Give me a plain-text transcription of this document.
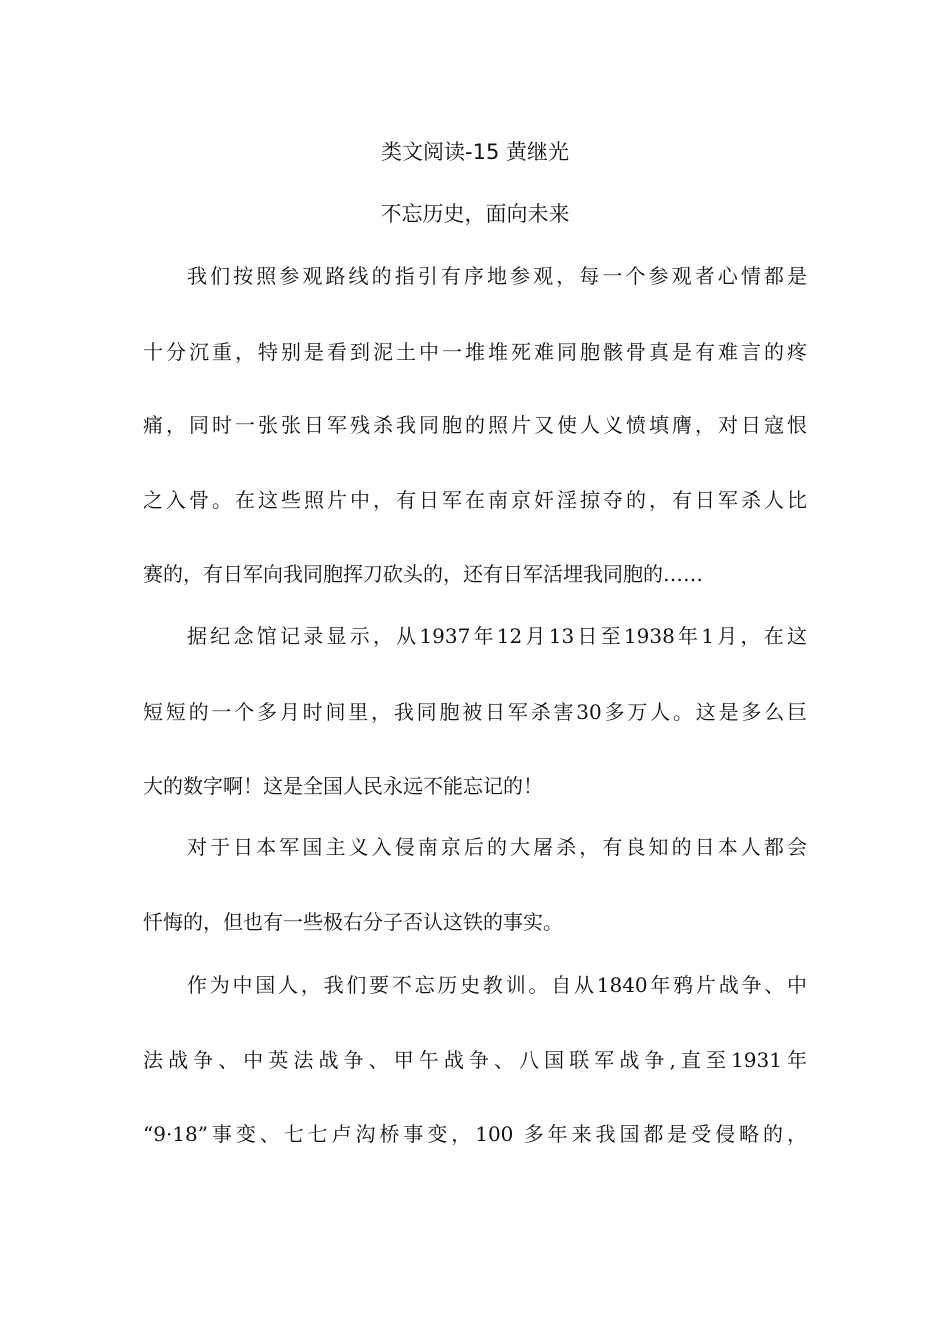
类文阅读-15 黄继光
不忘历史，面向未来
我们按照参观路线的指引有序地参观，每一个参观者心情都是
十分沉重，特别是看到泥土中一堆堆死难同胞骸骨真是有难言的疼
痛，同时一张张日军残杀我同胞的照片又使人义愤填膺，对日寇恨
之入骨。在这些照片中，有日军在南京奸淫掠夺的，有日军杀人比
赛的，有日军向我同胞挥刀砍头的，还有日军活埋我同胞的……
据纪念馆记录显示，从1937年12月13日至1938年1月，在这
短短的一个多月时间里，我同胞被日军杀害30多万人。这是多么巨
大的数字啊！这是全国人民永远不能忘记的！
对于日本军国主义入侵南京后的大屠杀，有良知的日本人都会
忏悔的，但也有一些极右分子否认这铁的事实。
作为中国人，我们要不忘历史教训。自从1840年鸦片战争、中
法战争、中英法战争、甲午战争、八国联军战争,直至1931年
“9·18”事变、七七卢沟桥事变，100 多年来我国都是受侵略的，
